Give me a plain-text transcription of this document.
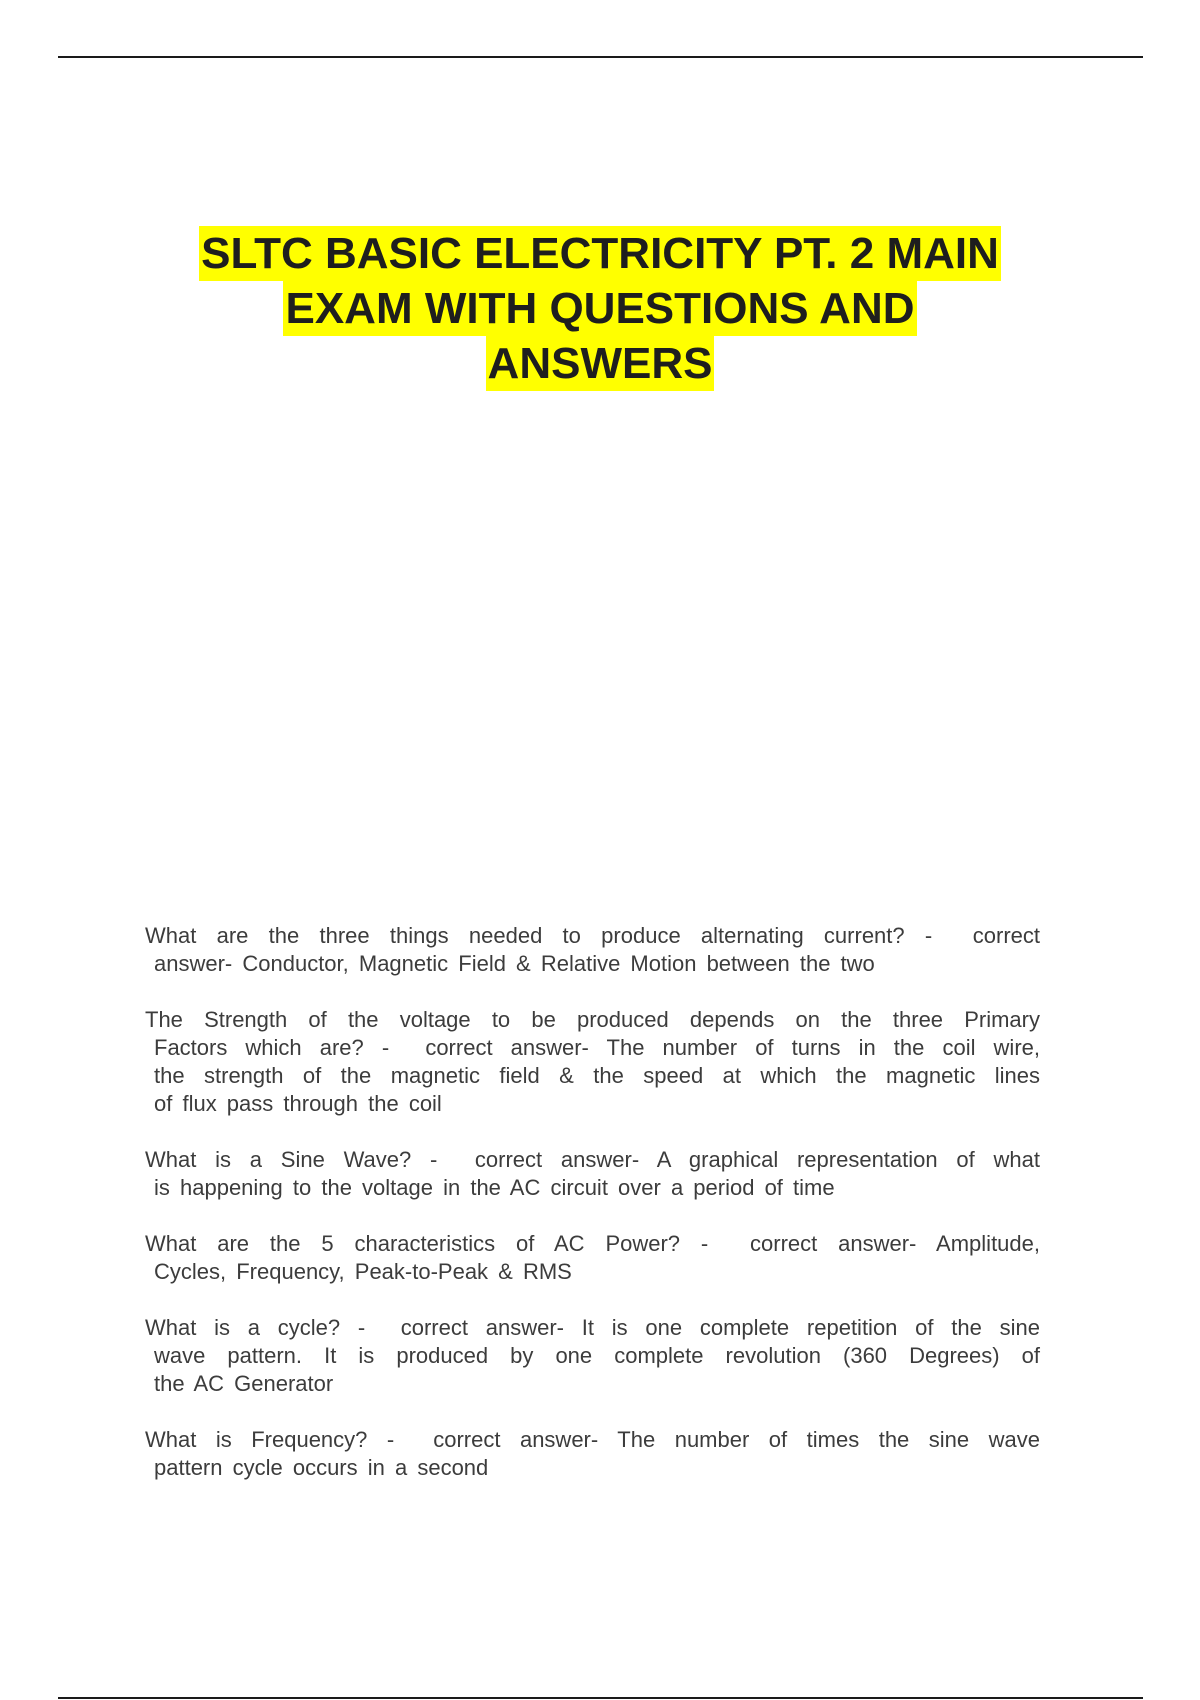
SLTC BASIC ELECTRICITY PT. 2 MAIN
EXAM WITH QUESTIONS AND
ANSWERS
What are the three things needed to produce alternating current? -  correct
answer- Conductor, Magnetic Field & Relative Motion between the two
The Strength of the voltage to be produced depends on the three Primary
Factors which are? -  correct answer- The number of turns in the coil wire,
the strength of the magnetic field & the speed at which the magnetic lines
of flux pass through the coil
What is a Sine Wave? -  correct answer- A graphical representation of what
is happening to the voltage in the AC circuit over a period of time
What are the 5 characteristics of AC Power? -  correct answer- Amplitude,
Cycles, Frequency, Peak-to-Peak & RMS
What is a cycle? -  correct answer- It is one complete repetition of the sine
wave pattern. It is produced by one complete revolution (360 Degrees) of
the AC Generator
What is Frequency? -  correct answer- The number of times the sine wave
pattern cycle occurs in a second
